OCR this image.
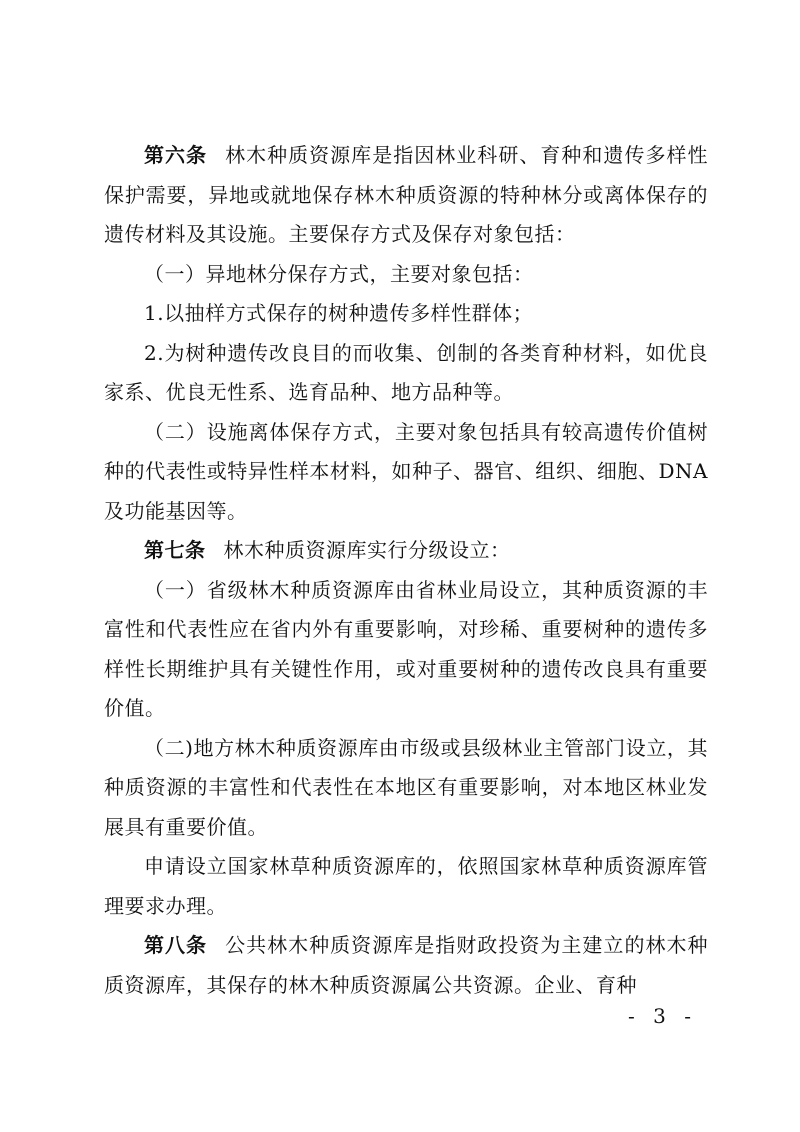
第六条 林木种质资源库是指因林业科研、育种和遗传多样性保护需要，异地或就地保存林木种质资源的特种林分或离体保存的遗传材料及其设施。主要保存方式及保存对象包括：

（一）异地林分保存方式，主要对象包括：

1.以抽样方式保存的树种遗传多样性群体；

2.为树种遗传改良目的而收集、创制的各类育种材料，如优良家系、优良无性系、选育品种、地方品种等。

（二）设施离体保存方式，主要对象包括具有较高遗传价值树种的代表性或特异性样本材料，如种子、器官、组织、细胞、DNA及功能基因等。

第七条 林木种质资源库实行分级设立：

（一）省级林木种质资源库由省林业局设立，其种质资源的丰富性和代表性应在省内外有重要影响，对珍稀、重要树种的遗传多样性长期维护具有关键性作用，或对重要树种的遗传改良具有重要价值。

（二)地方林木种质资源库由市级或县级林业主管部门设立，其种质资源的丰富性和代表性在本地区有重要影响，对本地区林业发展具有重要价值。

申请设立国家林草种质资源库的，依照国家林草种质资源库管理要求办理。

第八条 公共林木种质资源库是指财政投资为主建立的林木种质资源库，其保存的林木种质资源属公共资源。企业、育种

- 3 -
